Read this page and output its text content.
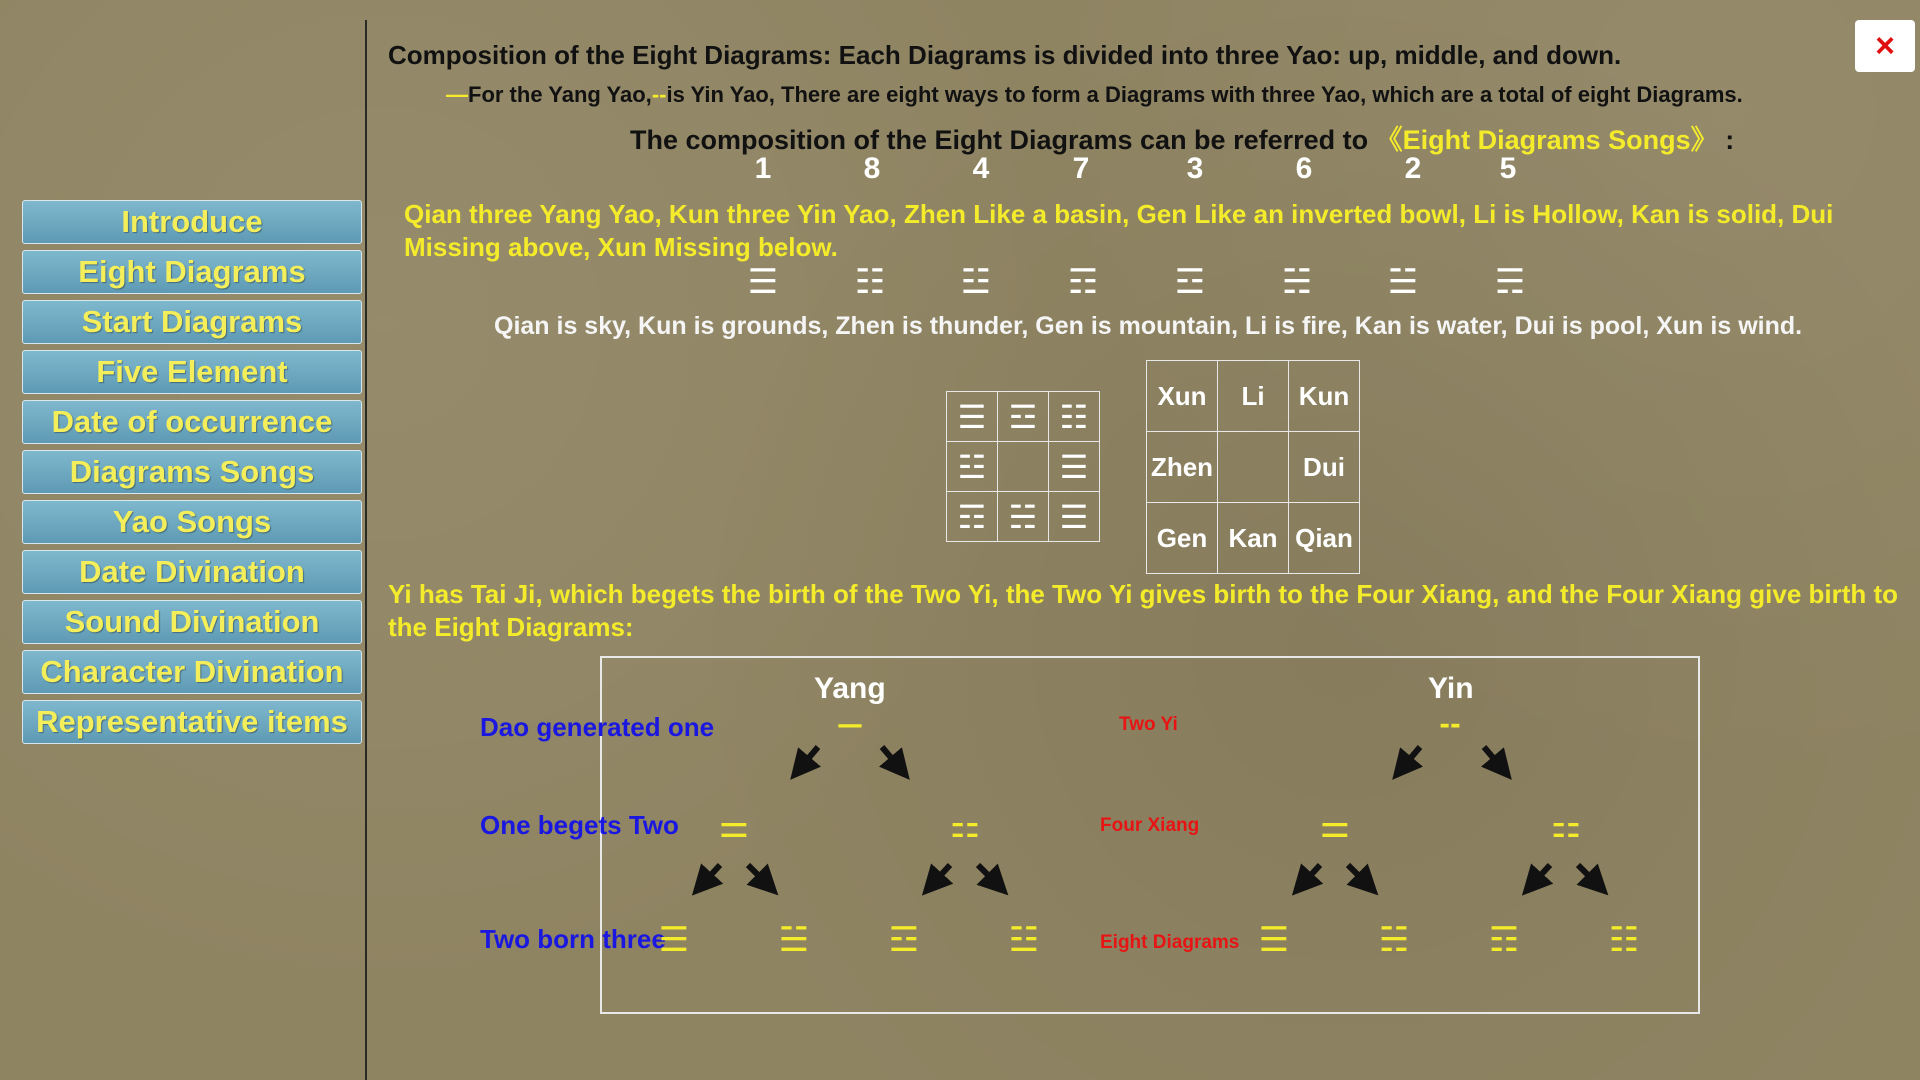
Introduce
Eight Diagrams
Start Diagrams
Five Element
Date of occurrence
Diagrams Songs
Yao Songs
Date Divination
Sound Divination
Character Divination
Representative items
×
Composition of the Eight Diagrams: Each Diagrams is divided into three Yao: up, middle, and down.
—For the Yang Yao,--is Yin Yao, There are eight ways to form a Diagrams with three Yao, which are a total of eight Diagrams.
The composition of the Eight Diagrams can be referred to 《Eight Diagrams Songs》 :
1	8	4	7	3	6	2	5
Qian three Yang Yao, Kun three Yin Yao, Zhen Like a basin, Gen Like an inverted bowl, Li is Hollow, Kan is solid, Dui Missing above, Xun Missing below.
☰ ☷ ☳ ☶ ☲ ☵ ☱ ☴
Qian is sky, Kun is grounds, Zhen is thunder, Gen is mountain, Li is fire, Kan is water, Dui is pool, Xun is wind.
☰	☲	☷
☳		☰
☶	☵	☰
Xun	Li	Kun
Zhen		Dui
Gen	Kan	Qian
Yi has Tai Ji, which begets the birth of the Two Yi, the Two Yi gives birth to the Four Xiang, and the Four Xiang give birth to the Eight Diagrams:
Yang	Yin
Dao generated one
One begets Two
Two born three
Two Yi
Four Xiang
Eight Diagrams
—	--
⚌	⚏	⚌	⚏
☰	☱ ☲	☳	☰	☵ ☶	☷
